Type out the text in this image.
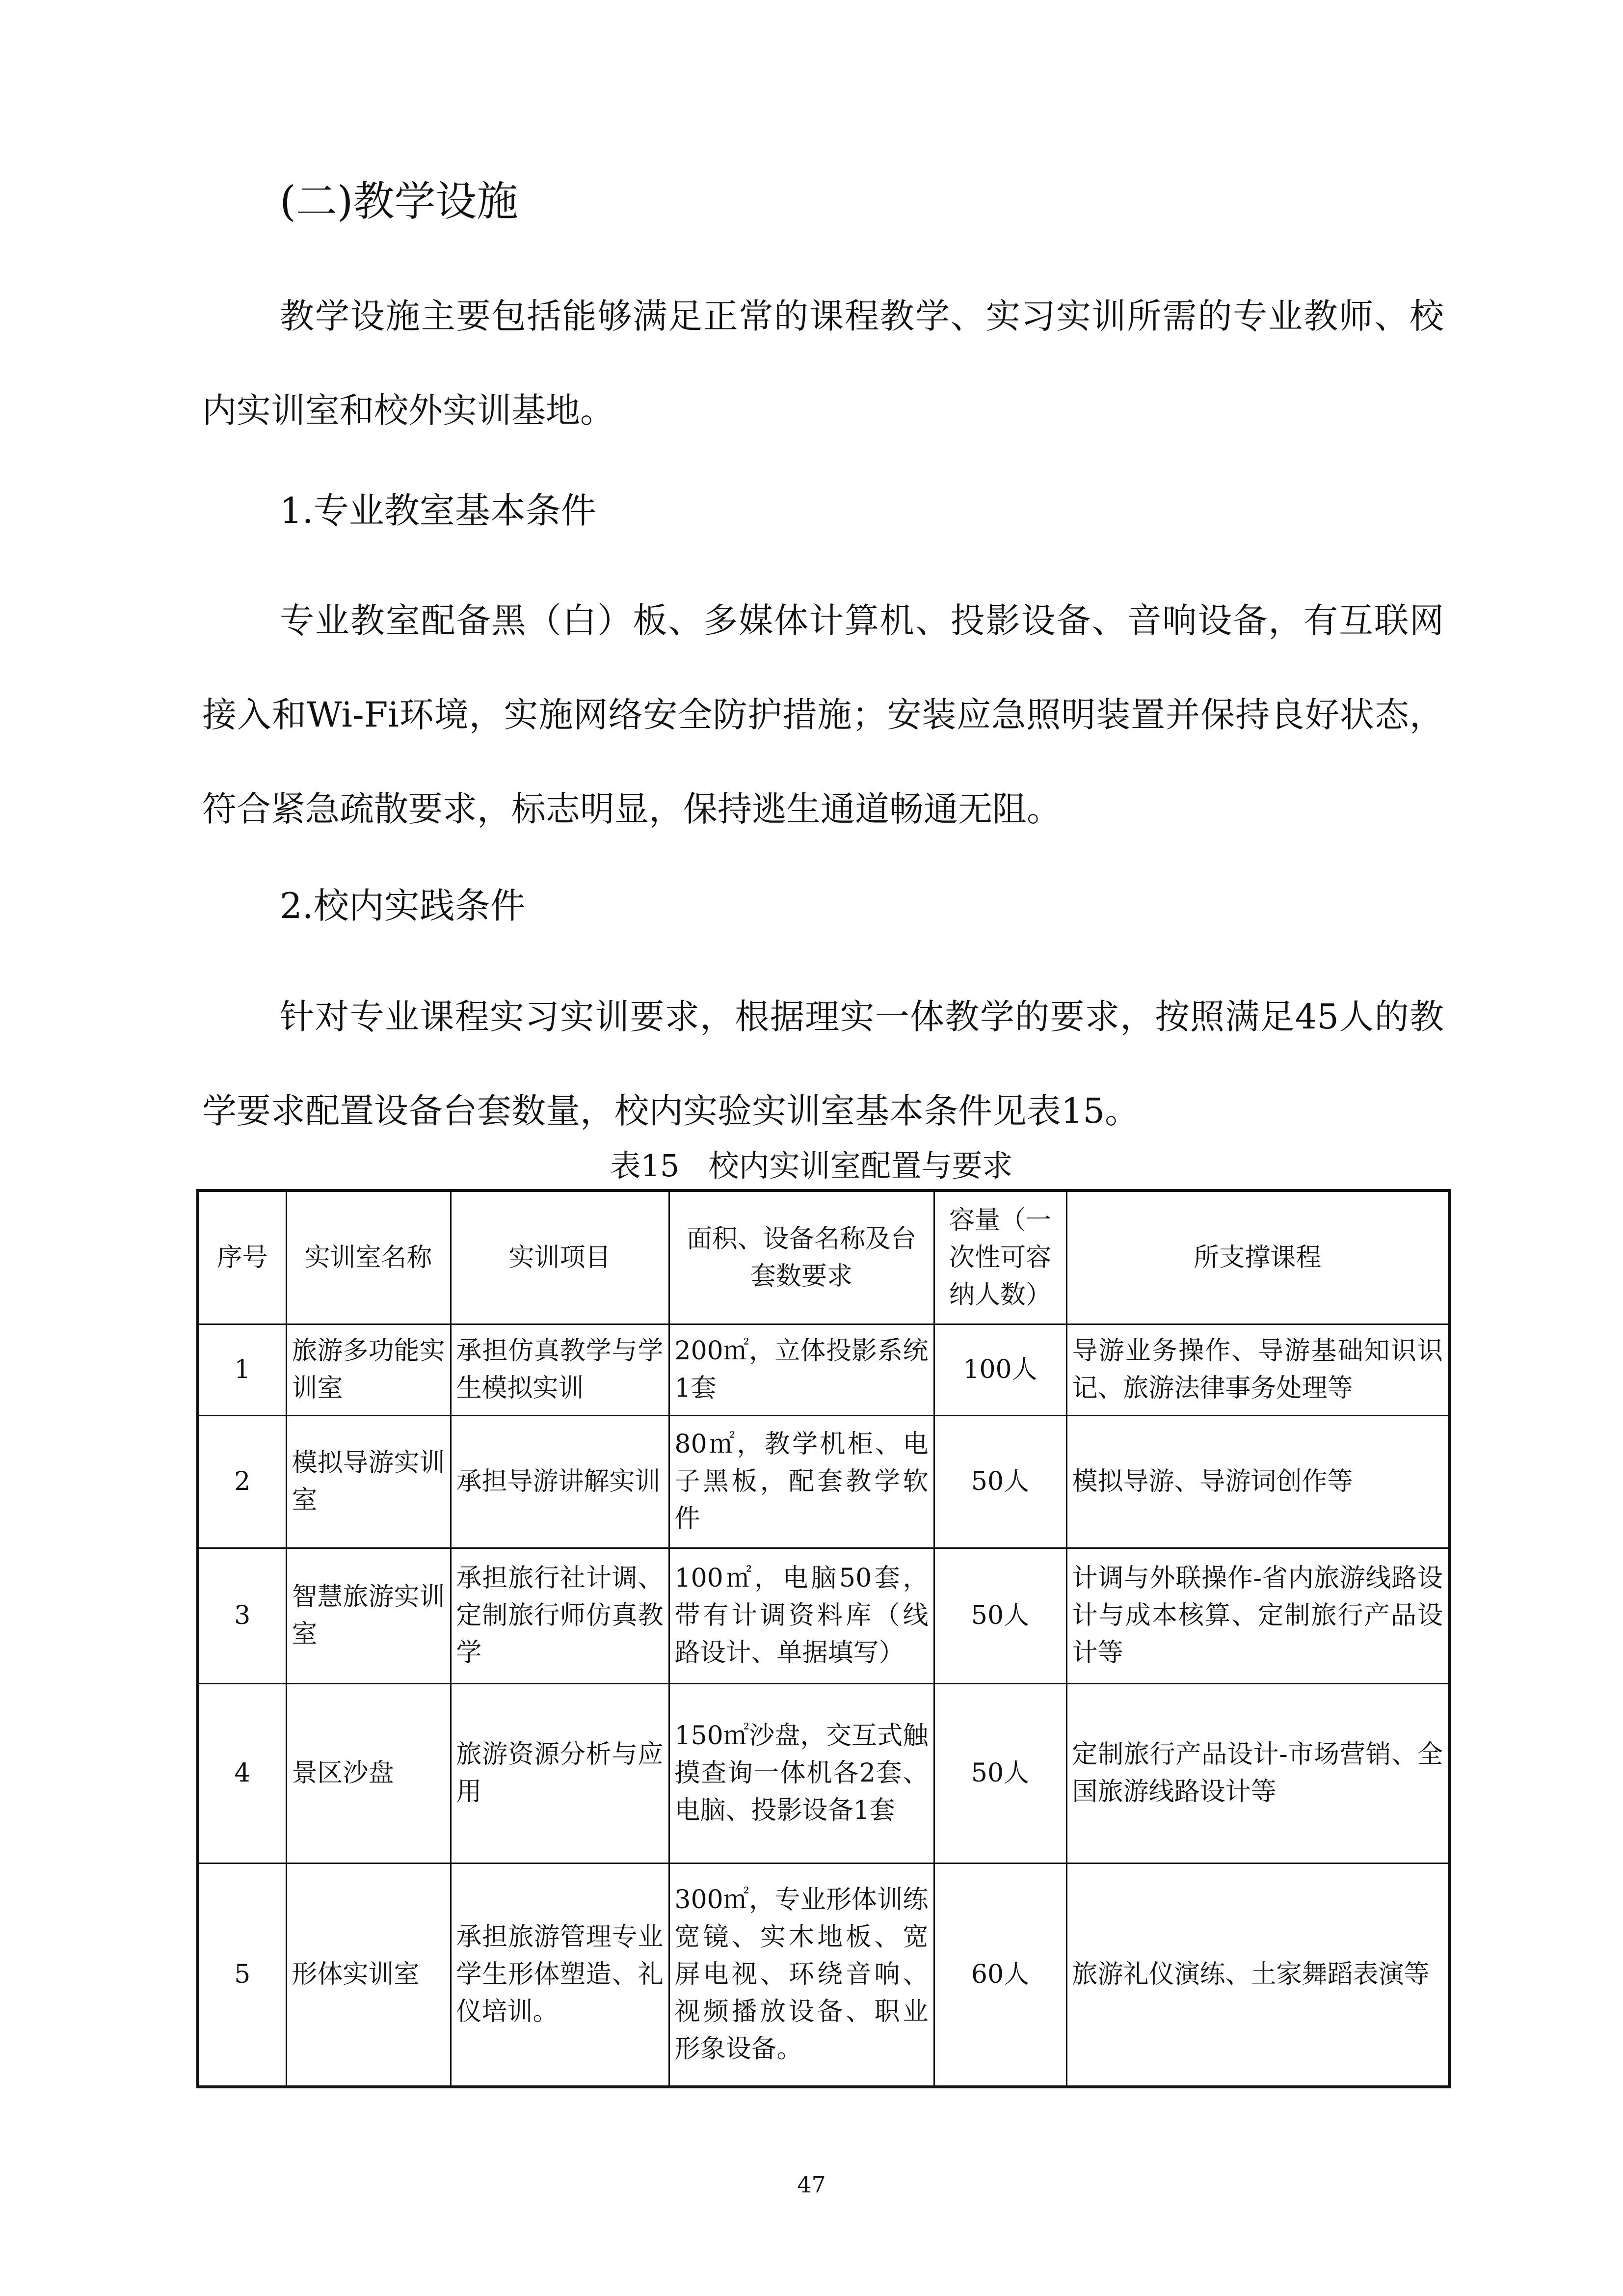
(二)教学设施

教学设施主要包括能够满足正常的课程教学、实习实训所需的专业教师、校内实训室和校外实训基地。

1.专业教室基本条件

专业教室配备黑（白）板、多媒体计算机、投影设备、音响设备，有互联网接入和Wi-Fi环境，实施网络安全防护措施；安装应急照明装置并保持良好状态，符合紧急疏散要求，标志明显，保持逃生通道畅通无阻。

2.校内实践条件

针对专业课程实习实训要求，根据理实一体教学的要求，按照满足45人的教学要求配置设备台套数量，校内实验实训室基本条件见表15。

表15   校内实训室配置与要求
序号	实训室名称	实训项目	面积、设备名称及台套数要求	容量（一次性可容纳人数）	所支撑课程
1	旅游多功能实训室	承担仿真教学与学生模拟实训	200㎡，立体投影系统1套	100人	导游业务操作、导游基础知识识记、旅游法律事务处理等
2	模拟导游实训室	承担导游讲解实训	80㎡，教学机柜、电子黑板，配套教学软件	50人	模拟导游、导游词创作等
3	智慧旅游实训室	承担旅行社计调、定制旅行师仿真教学	100㎡，电脑50套，带有计调资料库（线路设计、单据填写）	50人	计调与外联操作-省内旅游线路设计与成本核算、定制旅行产品设计等
4	景区沙盘	旅游资源分析与应用	150㎡沙盘，交互式触摸查询一体机各2套、电脑、投影设备1套	50人	定制旅行产品设计-市场营销、全国旅游线路设计等
5	形体实训室	承担旅游管理专业学生形体塑造、礼仪培训。	300㎡，专业形体训练宽镜、实木地板、宽屏电视、环绕音响、视频播放设备、职业形象设备。	60人	旅游礼仪演练、土家舞蹈表演等
47
